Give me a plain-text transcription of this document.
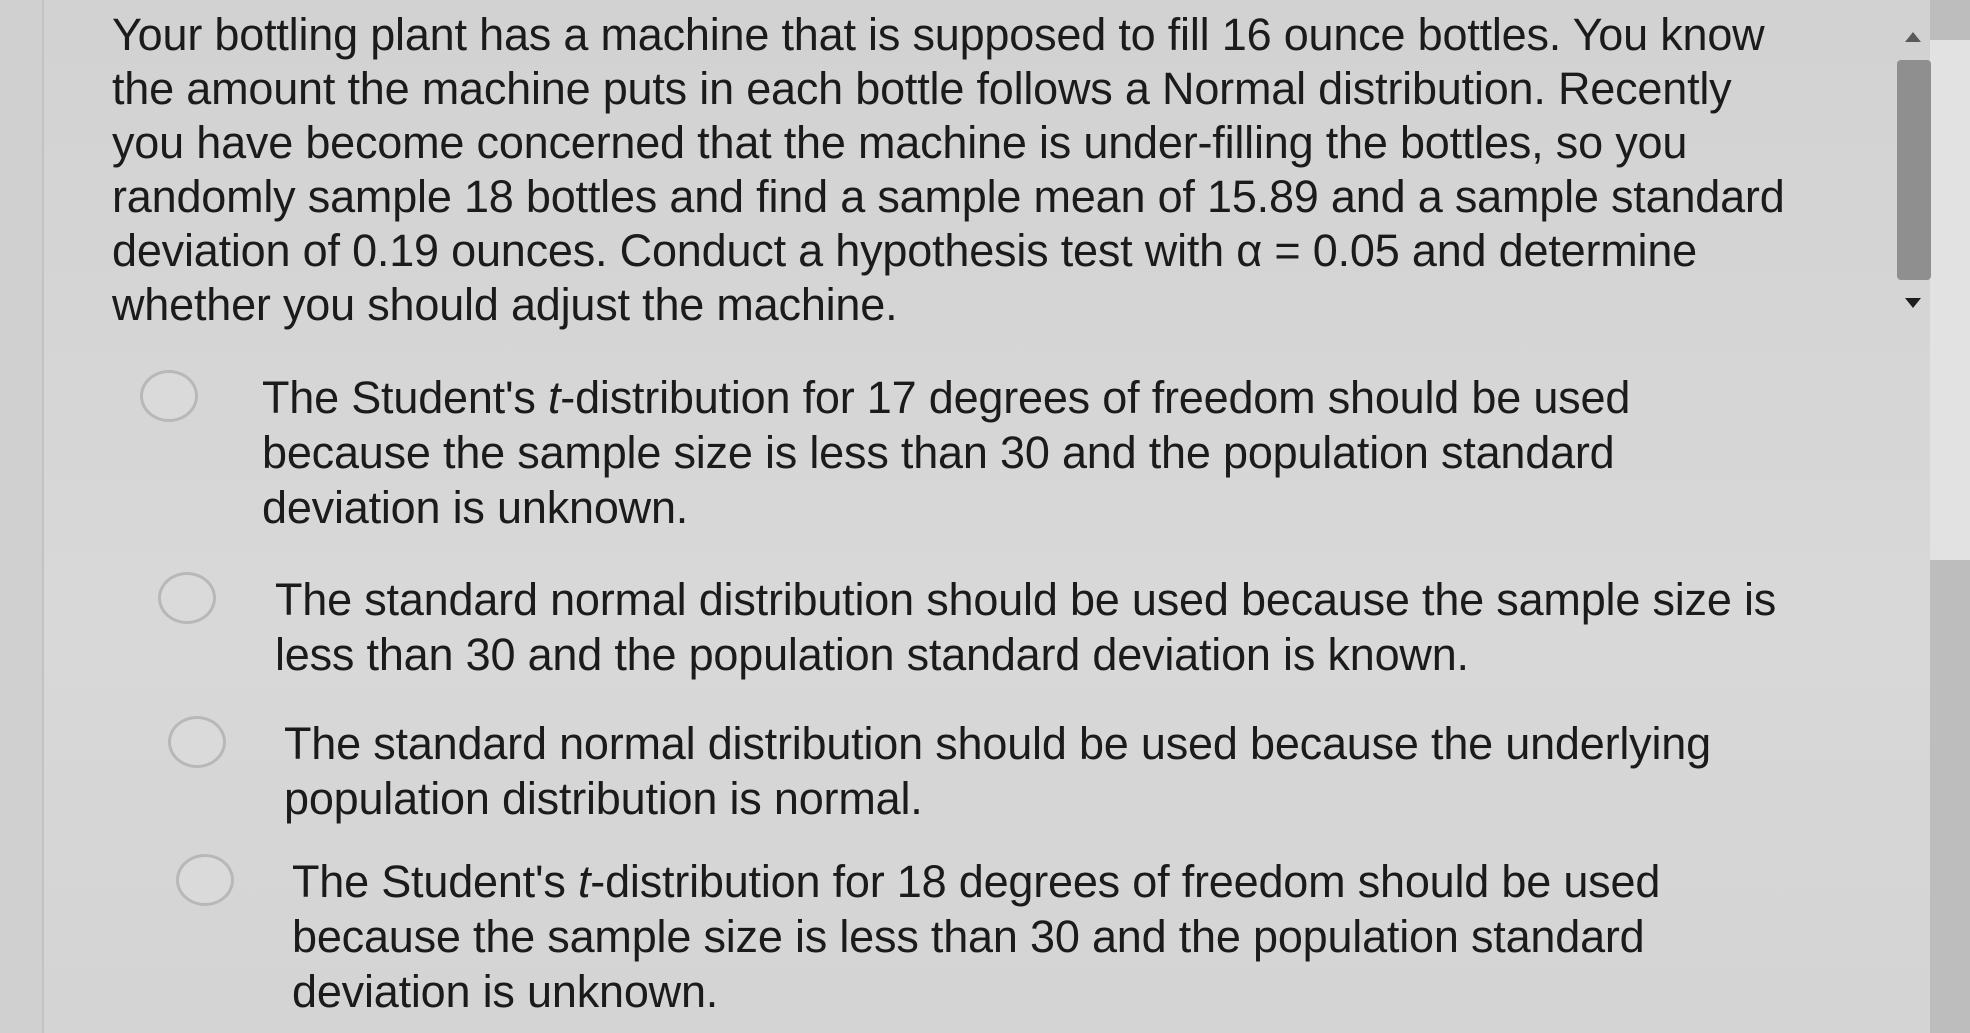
Your bottling plant has a machine that is supposed to fill 16 ounce bottles. You know the amount the machine puts in each bottle follows a Normal distribution. Recently you have become concerned that the machine is under-filling the bottles, so you randomly sample 18 bottles and find a sample mean of 15.89 and a sample standard deviation of 0.19 ounces. Conduct a hypothesis test with α = 0.05 and determine whether you should adjust the machine.

The Student's t-distribution for 17 degrees of freedom should be used because the sample size is less than 30 and the population standard deviation is unknown.

The standard normal distribution should be used because the sample size is less than 30 and the population standard deviation is known.

The standard normal distribution should be used because the underlying population distribution is normal.

The Student's t-distribution for 18 degrees of freedom should be used because the sample size is less than 30 and the population standard deviation is unknown.
